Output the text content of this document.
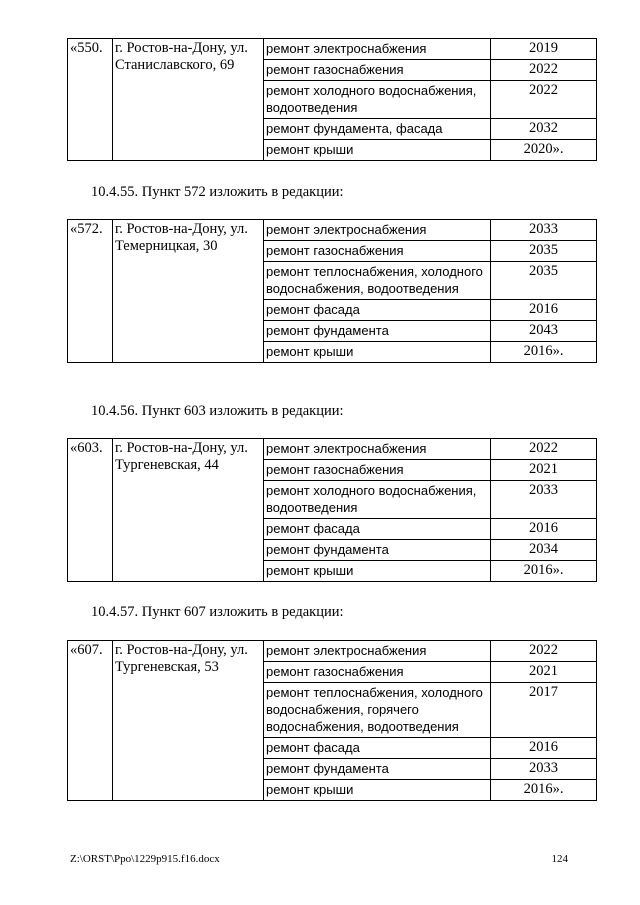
«550.	г. Ростов-на-Дону, ул. Станиславского, 69	ремонт электроснабжения	2019
		ремонт газоснабжения	2022
		ремонт холодного водоснабжения, водоотведения	2022
		ремонт фундамента, фасада	2032
		ремонт крыши	2020».
10.4.55. Пункт 572 изложить в редакции:
«572.	г. Ростов-на-Дону, ул. Темерницкая, 30	ремонт электроснабжения	2033
		ремонт газоснабжения	2035
		ремонт теплоснабжения, холодного водоснабжения, водоотведения	2035
		ремонт фасада	2016
		ремонт фундамента	2043
		ремонт крыши	2016».
10.4.56. Пункт 603 изложить в редакции:
«603.	г. Ростов-на-Дону, ул. Тургеневская, 44	ремонт электроснабжения	2022
		ремонт газоснабжения	2021
		ремонт холодного водоснабжения, водоотведения	2033
		ремонт фасада	2016
		ремонт фундамента	2034
		ремонт крыши	2016».
10.4.57. Пункт 607 изложить в редакции:
«607.	г. Ростов-на-Дону, ул. Тургеневская, 53	ремонт электроснабжения	2022
		ремонт газоснабжения	2021
		ремонт теплоснабжения, холодного водоснабжения, горячего водоснабжения, водоотведения	2017
		ремонт фасада	2016
		ремонт фундамента	2033
		ремонт крыши	2016».
Z:\ORST\Ppo\1229p915.f16.docx	124
